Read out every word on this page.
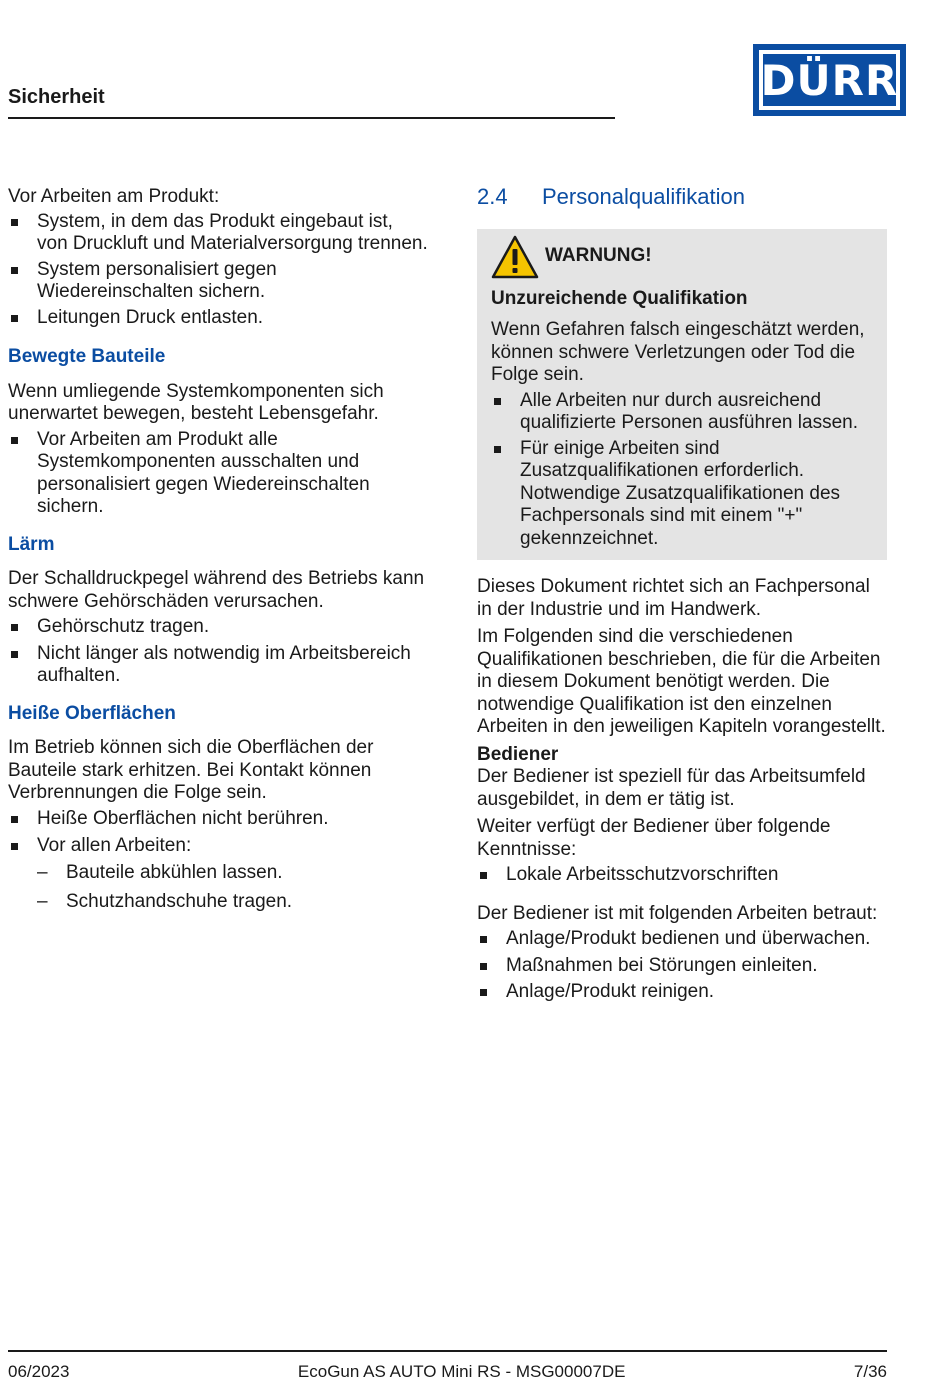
Sicherheit	DÜRR

Vor Arbeiten am Produkt:

System, in dem das Produkt eingebaut ist, von Druckluft und Materialversorgung trennen.
System personalisiert gegen Wiedereinschalten sichern.
Leitungen Druck entlasten.
Bewegte Bauteile

Wenn umliegende Systemkomponenten sich unerwartet bewegen, besteht Lebensgefahr.

Vor Arbeiten am Produkt alle Systemkomponenten ausschalten und personalisiert gegen Wiedereinschalten sichern.
Lärm

Der Schalldruckpegel während des Betriebs kann schwere Gehörschäden verursachen.

Gehörschutz tragen.
Nicht länger als notwendig im Arbeitsbereich aufhalten.
Heiße Oberflächen

Im Betrieb können sich die Oberflächen der Bauteile stark erhitzen. Bei Kontakt können Verbrennungen die Folge sein.

Heiße Oberflächen nicht berühren.
Vor allen Arbeiten:
– Bauteile abkühlen lassen.
– Schutzhandschuhe tragen.
2.4	Personalqualifikation
WARNUNG!
Unzureichende Qualifikation

Wenn Gefahren falsch eingeschätzt werden, können schwere Verletzungen oder Tod die Folge sein.

Alle Arbeiten nur durch ausreichend qualifizierte Personen ausführen lassen.
Für einige Arbeiten sind Zusatzqualifikationen erforderlich. Notwendige Zusatzqualifikationen des Fachpersonals sind mit einem "+" gekennzeichnet.

Dieses Dokument richtet sich an Fachpersonal in der Industrie und im Handwerk.

Im Folgenden sind die verschiedenen Qualifikationen beschrieben, die für die Arbeiten in diesem Dokument benötigt werden. Die notwendige Qualifikation ist den einzelnen Arbeiten in den jeweiligen Kapiteln vorangestellt.

Bediener

Der Bediener ist speziell für das Arbeitsumfeld ausgebildet, in dem er tätig ist.

Weiter verfügt der Bediener über folgende Kenntnisse:

Lokale Arbeitsschutzvorschriften

Der Bediener ist mit folgenden Arbeiten betraut:

Anlage/Produkt bedienen und überwachen.
Maßnahmen bei Störungen einleiten.
Anlage/Produkt reinigen.
06/2023	EcoGun AS AUTO Mini RS - MSG00007DE	7/36
